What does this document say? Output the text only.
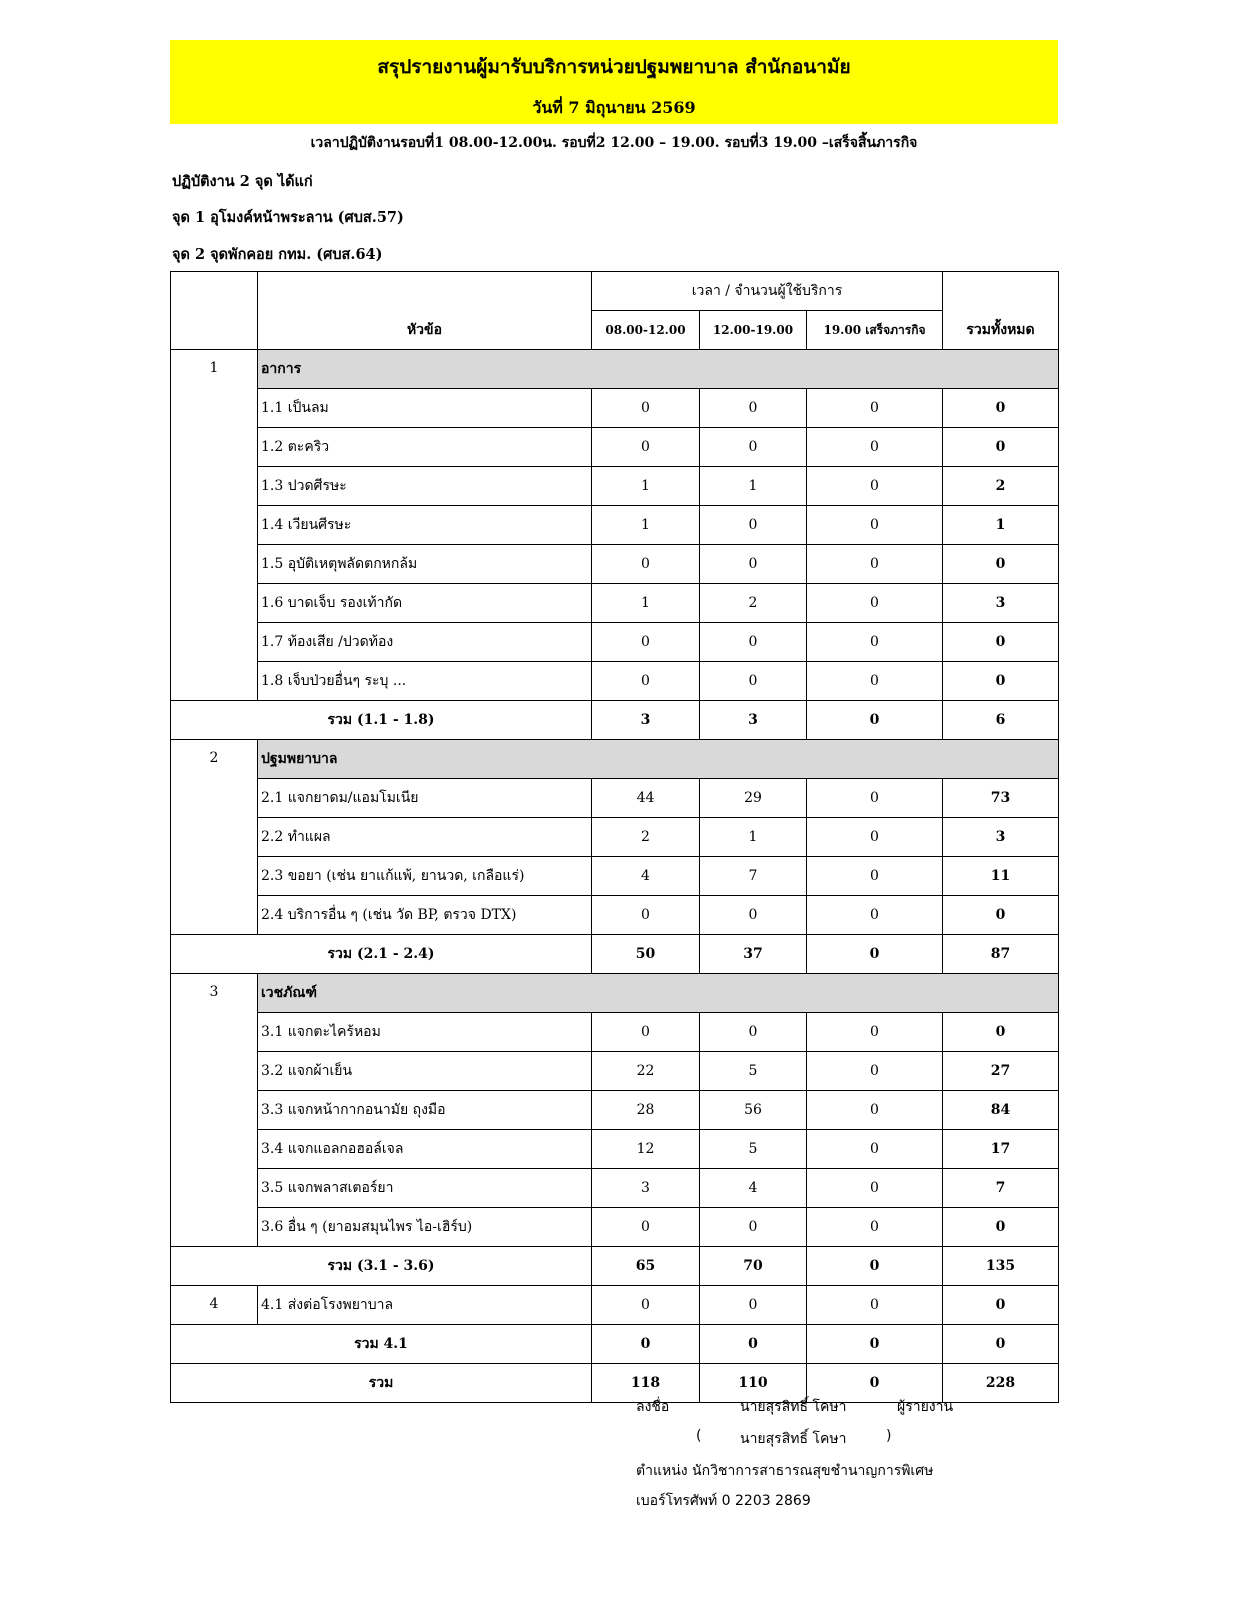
สรุปรายงานผู้มารับบริการหน่วยปฐมพยาบาล สำนักอนามัย
วันที่ 7 มิถุนายน 2569
เวลาปฏิบัติงานรอบที่1 08.00-12.00น. รอบที่2 12.00 – 19.00. รอบที่3 19.00 –เสร็จสิ้นภารกิจ
ปฏิบัติงาน 2 จุด ได้แก่
จุด 1 อุโมงค์หน้าพระลาน (ศบส.57)
จุด 2 จุดพักคอย กทม. (ศบส.64)
	หัวข้อ	เวลา / จำนวนผู้ใช้บริการ			รวมทั้งหมด
		08.00-12.00	12.00-19.00	19.00 เสร็จภารกิจ	

1	อาการ				
	1.1 เป็นลม	0	0	0	0
	1.2 ตะคริว	0	0	0	0
	1.3 ปวดศีรษะ	1	1	0	2
	1.4 เวียนศีรษะ	1	0	0	1
	1.5 อุบัติเหตุพลัดตกหกล้ม	0	0	0	0
	1.6 บาดเจ็บ รองเท้ากัด	1	2	0	3
	1.7 ท้องเสีย /ปวดท้อง	0	0	0	0
	1.8 เจ็บป่วยอื่นๆ ระบุ ...	0	0	0	0
รวม (1.1 - 1.8)		3	3	0	6

2	ปฐมพยาบาล				
	2.1 แจกยาดม/แอมโมเนีย	44	29	0	73
	2.2 ทำแผล	2	1	0	3
	2.3 ขอยา (เช่น ยาแก้แพ้, ยานวด, เกลือแร่)	4	7	0	11
	2.4 บริการอื่น ๆ (เช่น วัด BP, ตรวจ DTX)	0	0	0	0
รวม (2.1 - 2.4)		50	37	0	87

3	เวชภัณฑ์				
	3.1 แจกตะไคร้หอม	0	0	0	0
	3.2 แจกผ้าเย็น	22	5	0	27
	3.3 แจกหน้ากากอนามัย ถุงมือ	28	56	0	84
	3.4 แจกแอลกอฮอล์เจล	12	5	0	17
	3.5 แจกพลาสเตอร์ยา	3	4	0	7
	3.6 อื่น ๆ (ยาอมสมุนไพร ไอ-เฮิร์บ)	0	0	0	0
รวม (3.1 - 3.6)		65	70	0	135

4	4.1 ส่งต่อโรงพยาบาล	0	0	0	0
รวม 4.1		0	0	0	0
รวม		118	110	0	228
ลงชื่อ	นายสุรสิทธิ์ โคษา	ผู้รายงาน
(	นายสุรสิทธิ์ โคษา	)
ตำแหน่ง นักวิชาการสาธารณสุขชำนาญการพิเศษ
เบอร์โทรศัพท์ 0 2203 2869
